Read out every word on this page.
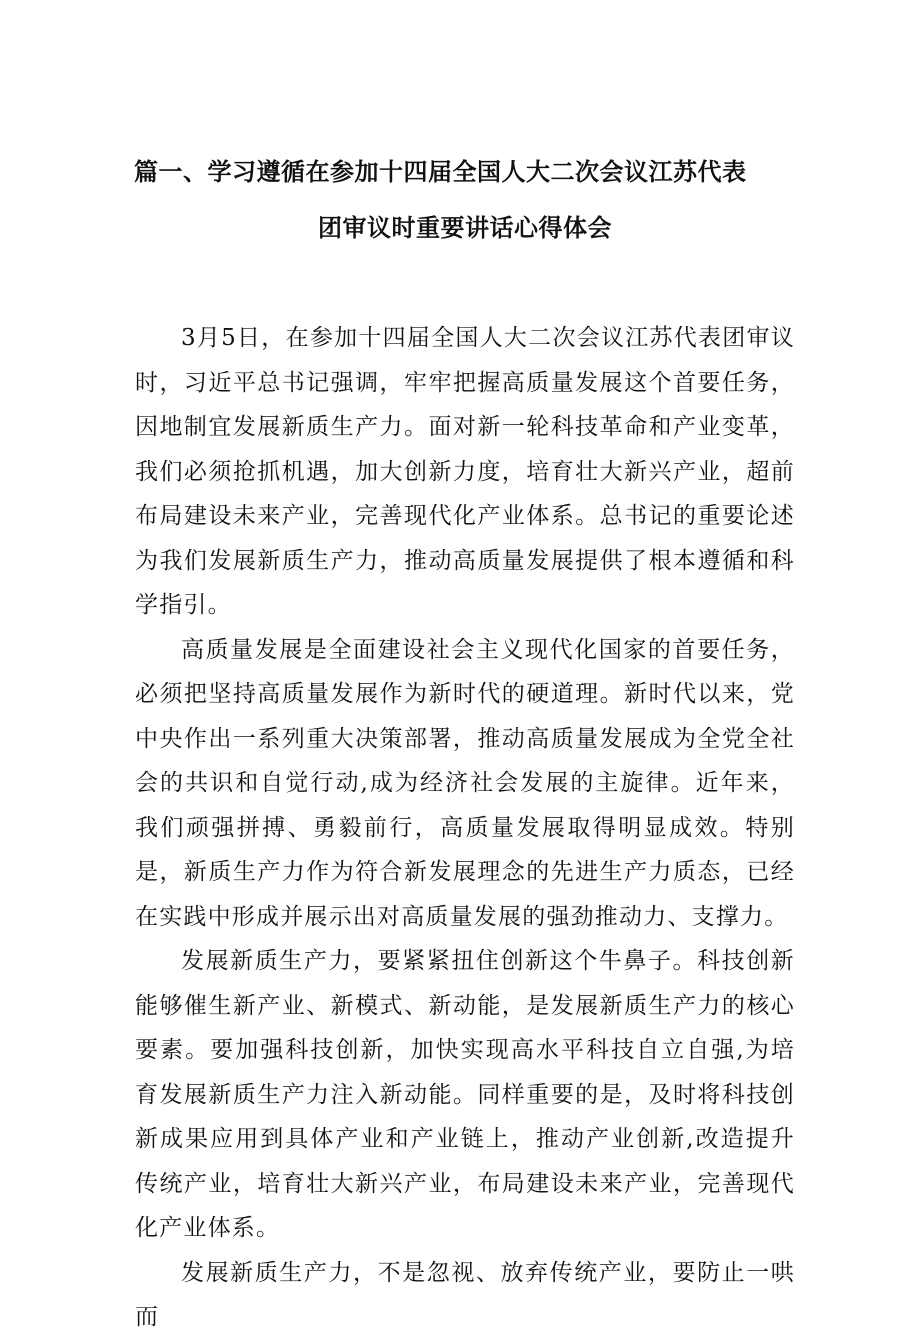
篇一、学习遵循在参加十四届全国人大二次会议江苏代表
团审议时重要讲话心得体会

3月5日，在参加十四届全国人大二次会议江苏代表团审议时，习近平总书记强调，牢牢把握高质量发展这个首要任务，因地制宜发展新质生产力。面对新一轮科技革命和产业变革，我们必须抢抓机遇，加大创新力度，培育壮大新兴产业，超前布局建设未来产业，完善现代化产业体系。总书记的重要论述为我们发展新质生产力，推动高质量发展提供了根本遵循和科学指引。

高质量发展是全面建设社会主义现代化国家的首要任务，必须把坚持高质量发展作为新时代的硬道理。新时代以来，党中央作出一系列重大决策部署，推动高质量发展成为全党全社会的共识和自觉行动,成为经济社会发展的主旋律。近年来，我们顽强拼搏、勇毅前行，高质量发展取得明显成效。特别是，新质生产力作为符合新发展理念的先进生产力质态，已经在实践中形成并展示出对高质量发展的强劲推动力、支撑力。

发展新质生产力，要紧紧扭住创新这个牛鼻子。科技创新能够催生新产业、新模式、新动能，是发展新质生产力的核心要素。要加强科技创新，加快实现高水平科技自立自强,为培育发展新质生产力注入新动能。同样重要的是，及时将科技创新成果应用到具体产业和产业链上，推动产业创新,改造提升传统产业，培育壮大新兴产业，布局建设未来产业，完善现代化产业体系。

发展新质生产力，不是忽视、放弃传统产业，要防止一哄而
